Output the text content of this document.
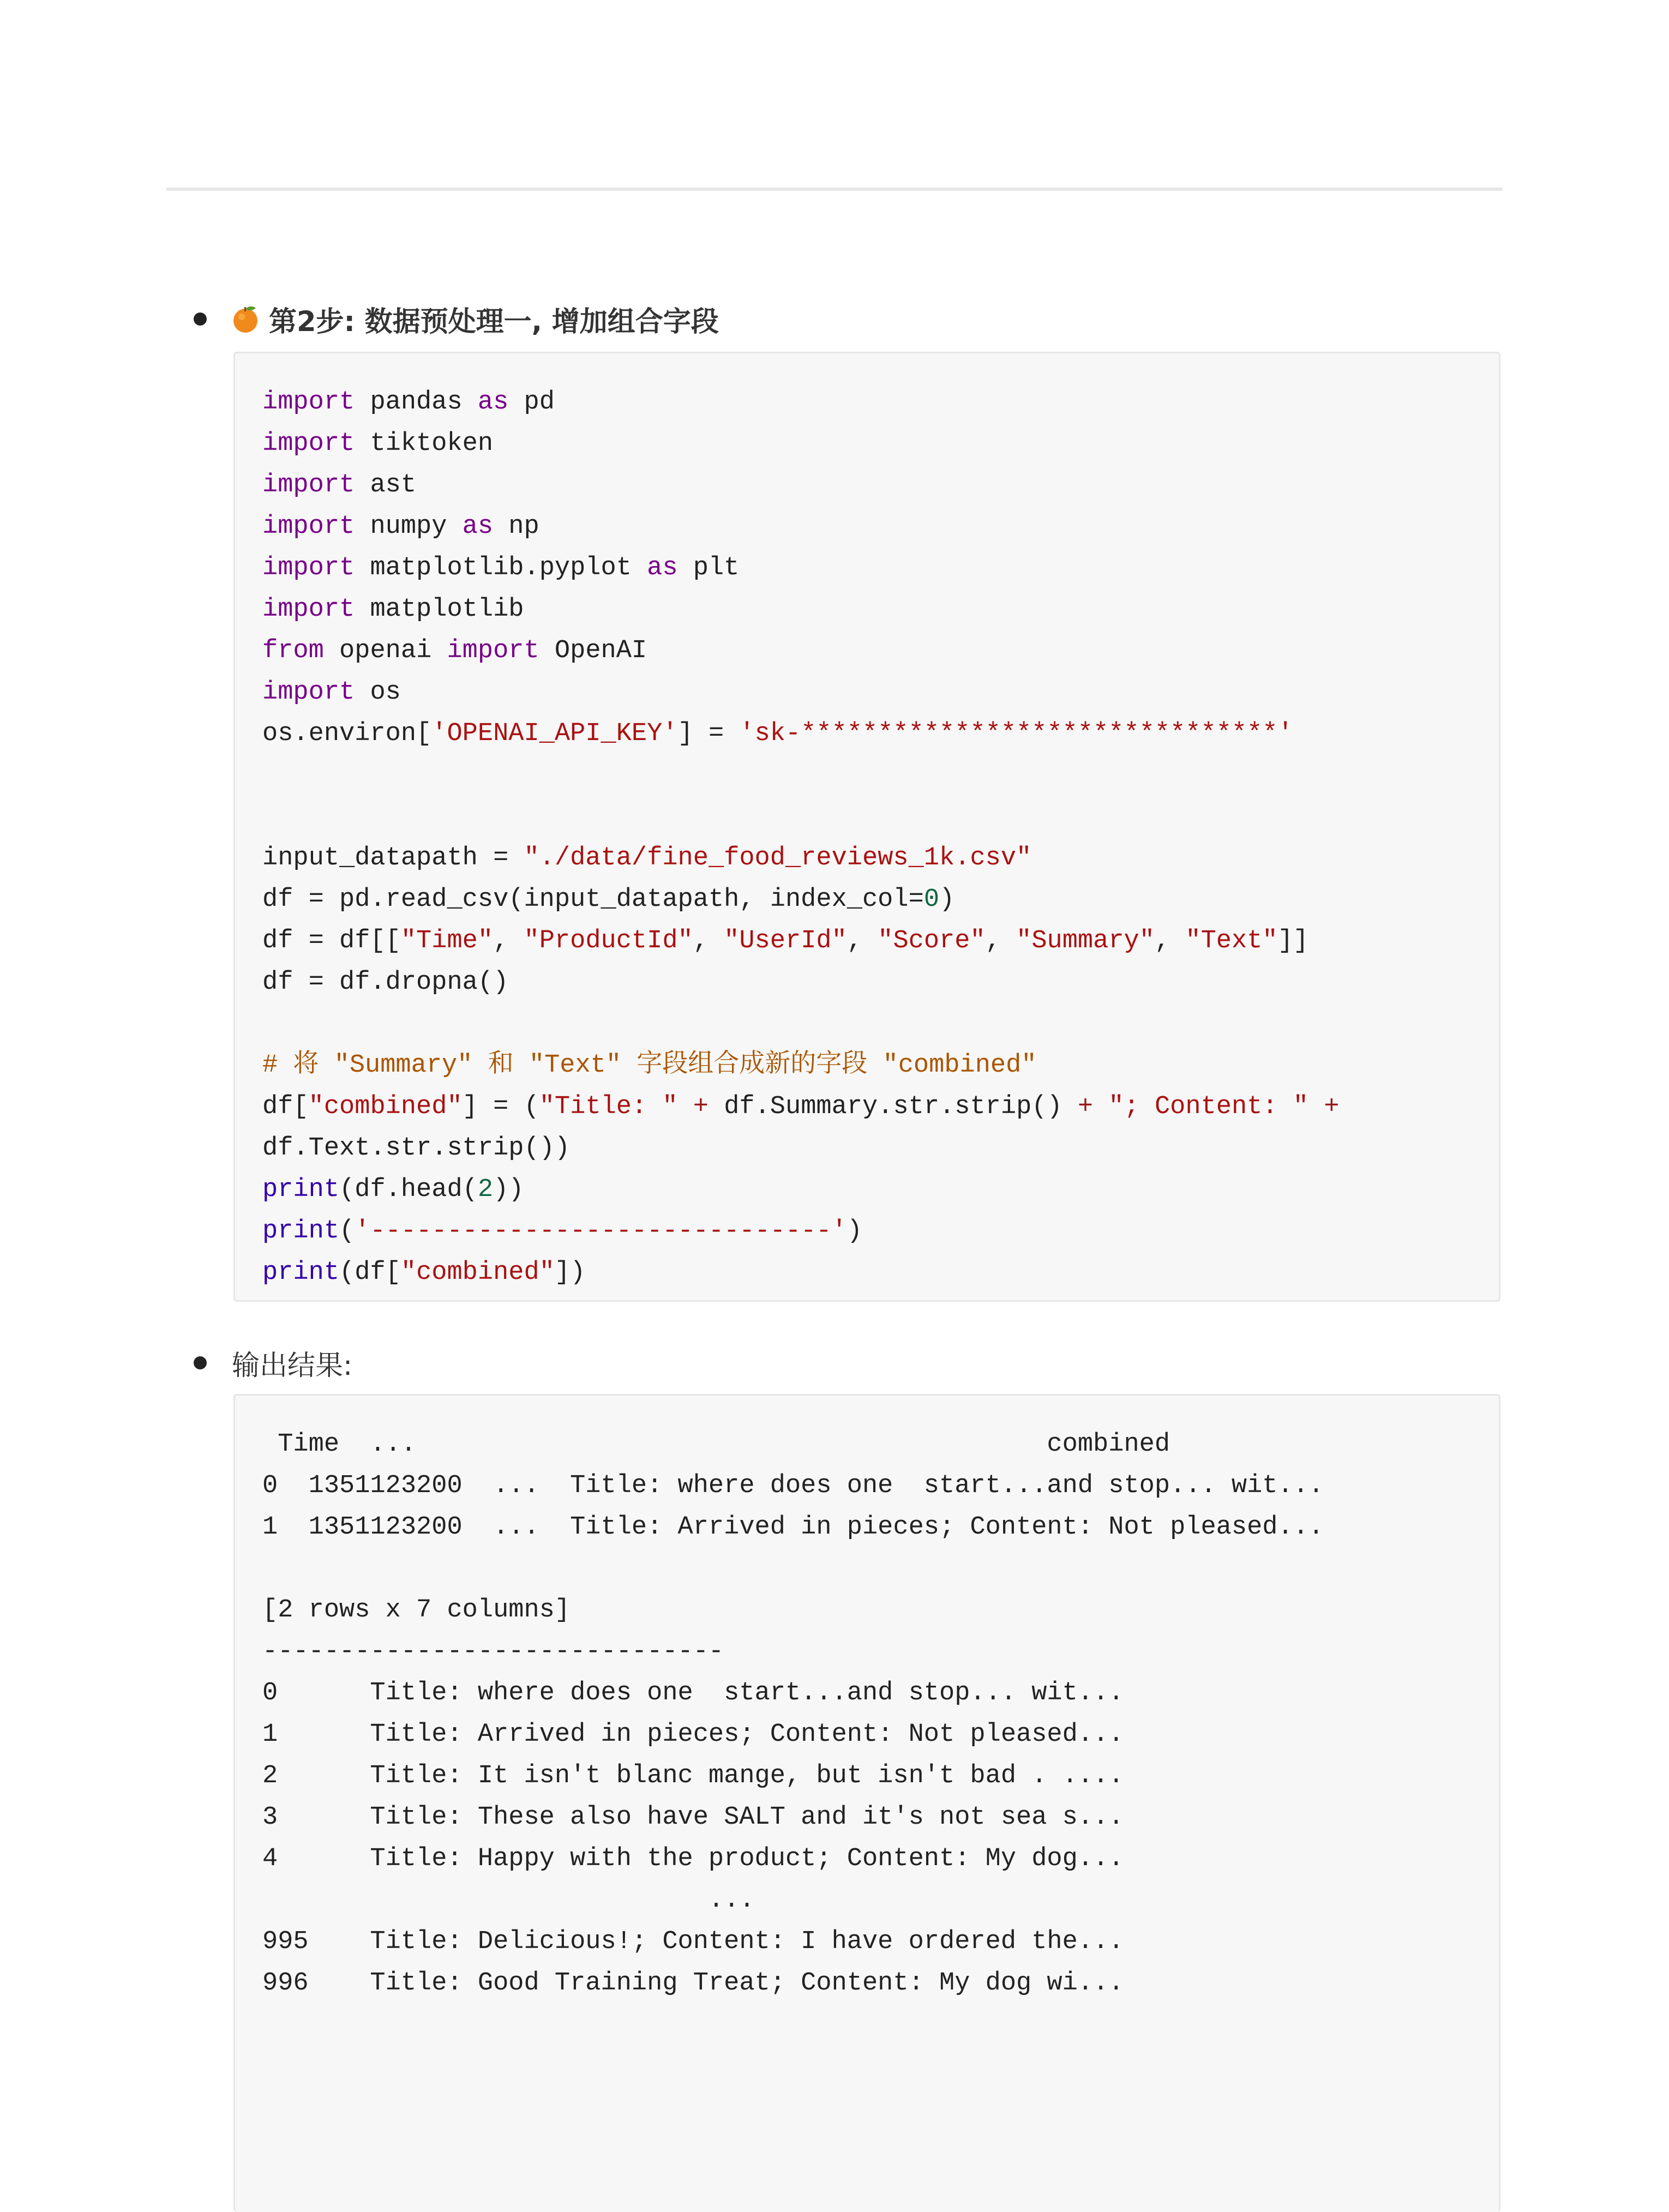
第2步: 数据预处理一, 增加组合字段
import pandas as pd
import tiktoken
import ast
import numpy as np
import matplotlib.pyplot as plt
import matplotlib
from openai import OpenAI
import os
os.environ['OPENAI_API_KEY'] = 'sk-*******************************'
input_datapath = "./data/fine_food_reviews_1k.csv"
df = pd.read_csv(input_datapath, index_col=0)
df = df[["Time", "ProductId", "UserId", "Score", "Summary", "Text"]]
df = df.dropna()
# 将 "Summary" 和 "Text" 字段组合成新的字段 "combined"
df["combined"] = ("Title: " + df.Summary.str.strip() + "; Content: " +
df.Text.str.strip())
print(df.head(2))
print('------------------------------')
print(df["combined"])
输出结果:
Time  ...                                         combined
0  1351123200  ...  Title: where does one  start...and stop... wit...
1  1351123200  ...  Title: Arrived in pieces; Content: Not pleased...
[2 rows x 7 columns]
------------------------------
0      Title: where does one  start...and stop... wit...
1      Title: Arrived in pieces; Content: Not pleased...
2      Title: It isn't blanc mange, but isn't bad . ....
3      Title: These also have SALT and it's not sea s...
4      Title: Happy with the product; Content: My dog...
...
995    Title: Delicious!; Content: I have ordered the...
996    Title: Good Training Treat; Content: My dog wi...
